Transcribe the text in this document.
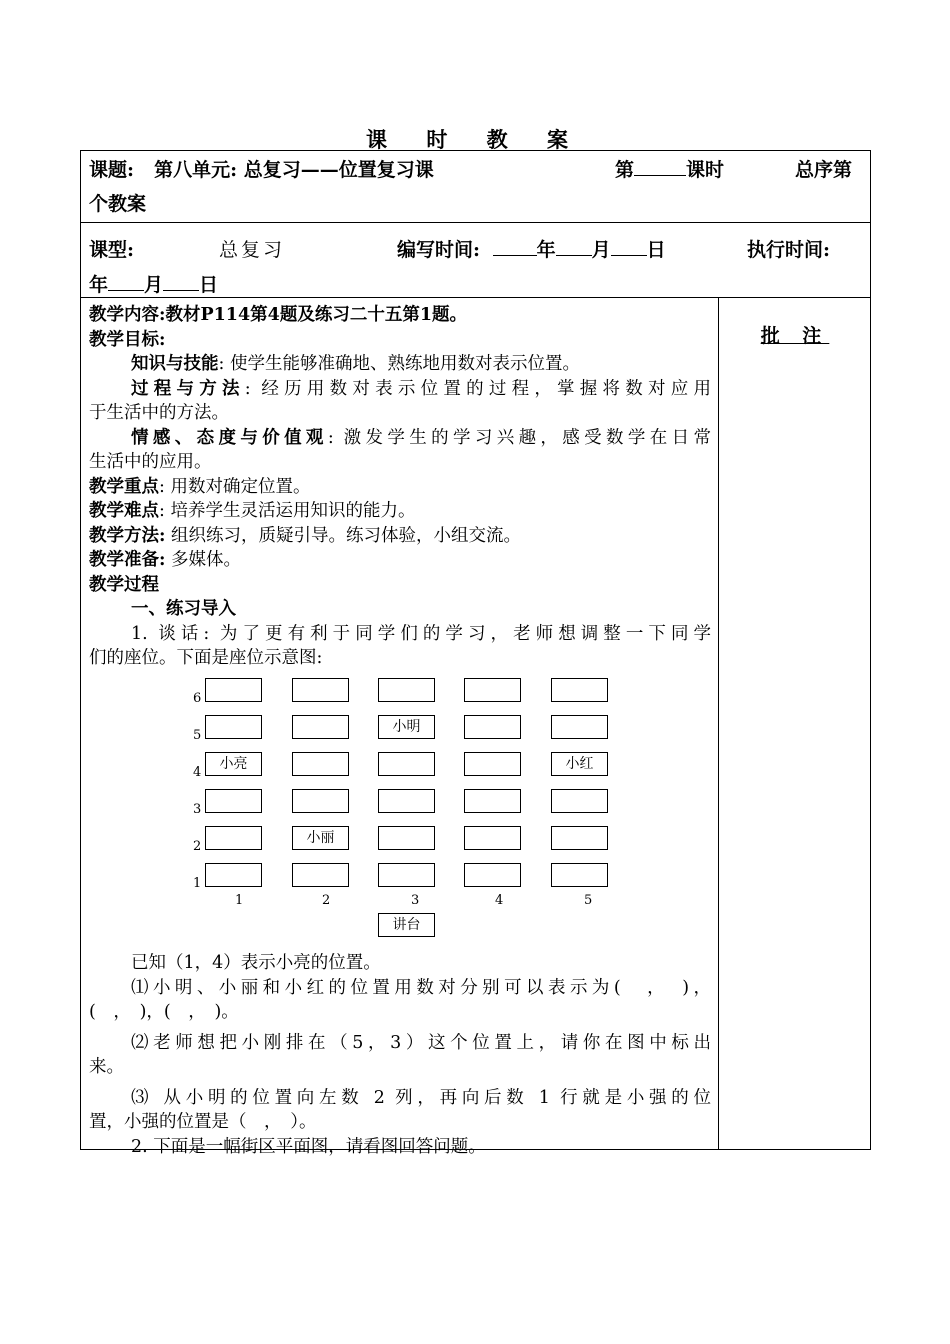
课 时 教 案
课题: 第八单元: 总复习——位置复习课	第	课时	总序第
个教案
课型:	总复习	编写时间:	年 月 日	执行时间:
年 月 日
批 注

教学内容:教材P114第4题及练习二十五第1题。

教学目标:

知识与技能: 使学生能够准确地、熟练地用数对表示位置。

过程与方法: 经历用数对表示位置的过程，掌握将数对应用

于生活中的方法。

情感、态度与价值观: 激发学生的学习兴趣，感受数学在日常

生活中的应用。

教学重点: 用数对确定位置。

教学难点: 培养学生灵活运用知识的能力。

教学方法: 组织练习，质疑引导。练习体验，小组交流。

教学准备: 多媒体。

教学过程

一、练习导入

1. 谈话: 为了更有利于同学们的学习，老师想调整一下同学

们的座位。下面是座位示意图:

6
5
4
3
2
1
小明
小亮	小红
小丽
1	2	3	4	5
讲台

已知（1，4）表示小亮的位置。

⑴小明、小丽和小红的位置用数对分别可以表示为(　，　)，

(　，　)，(　，　)。

⑵老师想把小刚排在（5，3）这个位置上，请你在图中标出

来。

⑶ 从小明的位置向左数 2 列，再向后数 1 行就是小强的位

置，小强的位置是（　，　）。

2. 下面是一幅街区平面图，请看图回答问题。
